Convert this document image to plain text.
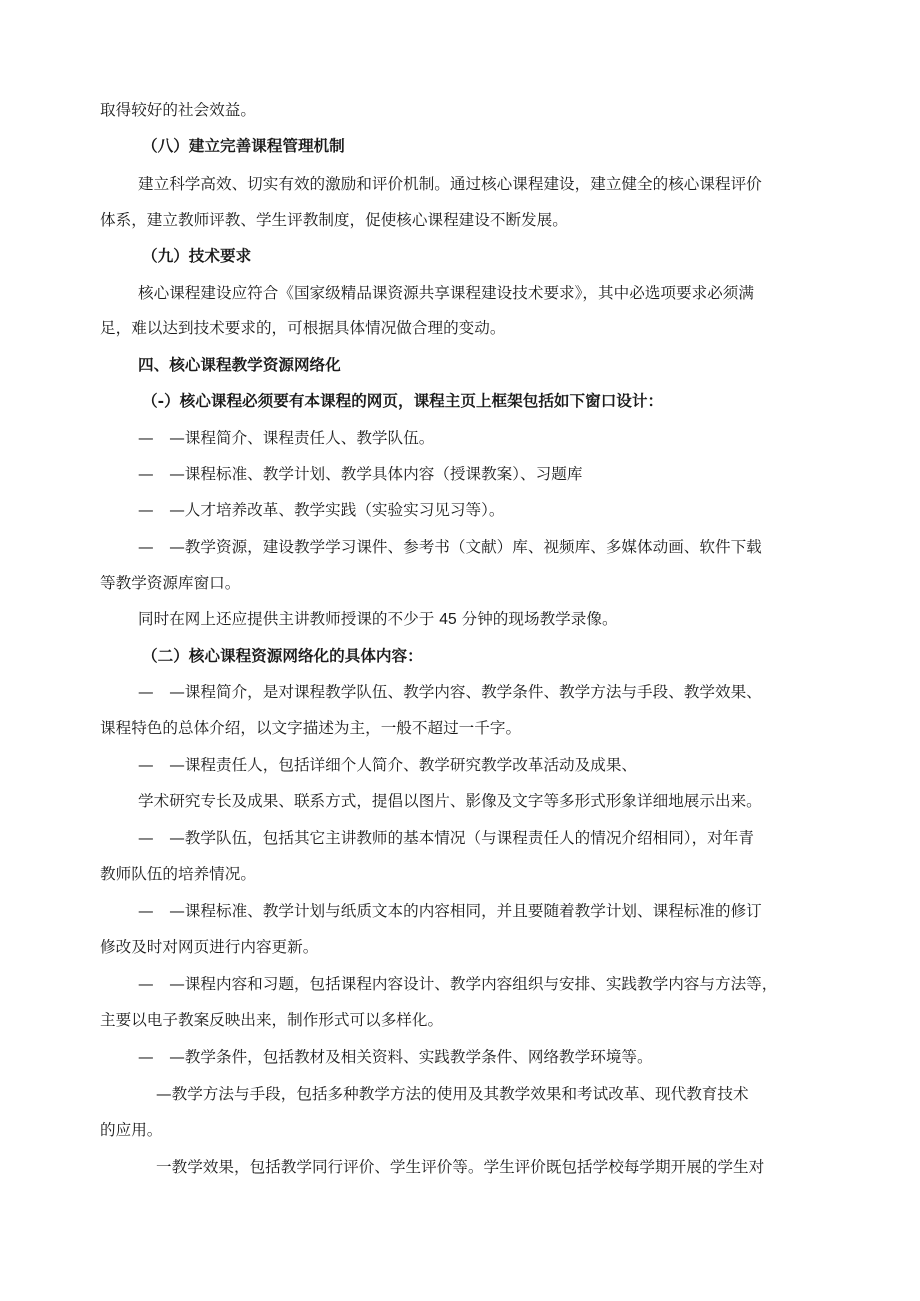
取得较好的社会效益。
（八）建立完善课程管理机制
建立科学高效、切实有效的激励和评价机制。通过核心课程建设，建立健全的核心课程评价
体系，建立教师评教、学生评教制度，促使核心课程建设不断发展。
（九）技术要求
核心课程建设应符合《国家级精品课资源共享课程建设技术要求》，其中必选项要求必须满
足，难以达到技术要求的，可根据具体情况做合理的变动。
四、核心课程教学资源网络化
（-）核心课程必须要有本课程的网页，课程主页上框架包括如下窗口设计：
—　—课程简介、课程责任人、教学队伍。
—　—课程标准、教学计划、教学具体内容（授课教案）、习题库
—　—人才培养改革、教学实践（实验实习见习等）。
—　—教学资源，建设教学学习课件、参考书（文献）库、视频库、多媒体动画、软件下载
等教学资源库窗口。
同时在网上还应提供主讲教师授课的不少于 45 分钟的现场教学录像。
（二）核心课程资源网络化的具体内容：
—　—课程简介，是对课程教学队伍、教学内容、教学条件、教学方法与手段、教学效果、
课程特色的总体介绍，以文字描述为主，一般不超过一千字。
—　—课程责任人，包括详细个人简介、教学研究教学改革活动及成果、
学术研究专长及成果、联系方式，提倡以图片、影像及文字等多形式形象详细地展示出来。
—　—教学队伍，包括其它主讲教师的基本情况（与课程责任人的情况介绍相同），对年青
教师队伍的培养情况。
—　—课程标准、教学计划与纸质文本的内容相同，并且要随着教学计划、课程标准的修订
修改及时对网页进行内容更新。
—　—课程内容和习题，包括课程内容设计、教学内容组织与安排、实践教学内容与方法等，
主要以电子教案反映出来，制作形式可以多样化。
—　—教学条件，包括教材及相关资料、实践教学条件、网络教学环境等。
—教学方法与手段，包括多种教学方法的使用及其教学效果和考试改革、现代教育技术
的应用。
一教学效果，包括教学同行评价、学生评价等。学生评价既包括学校每学期开展的学生对
